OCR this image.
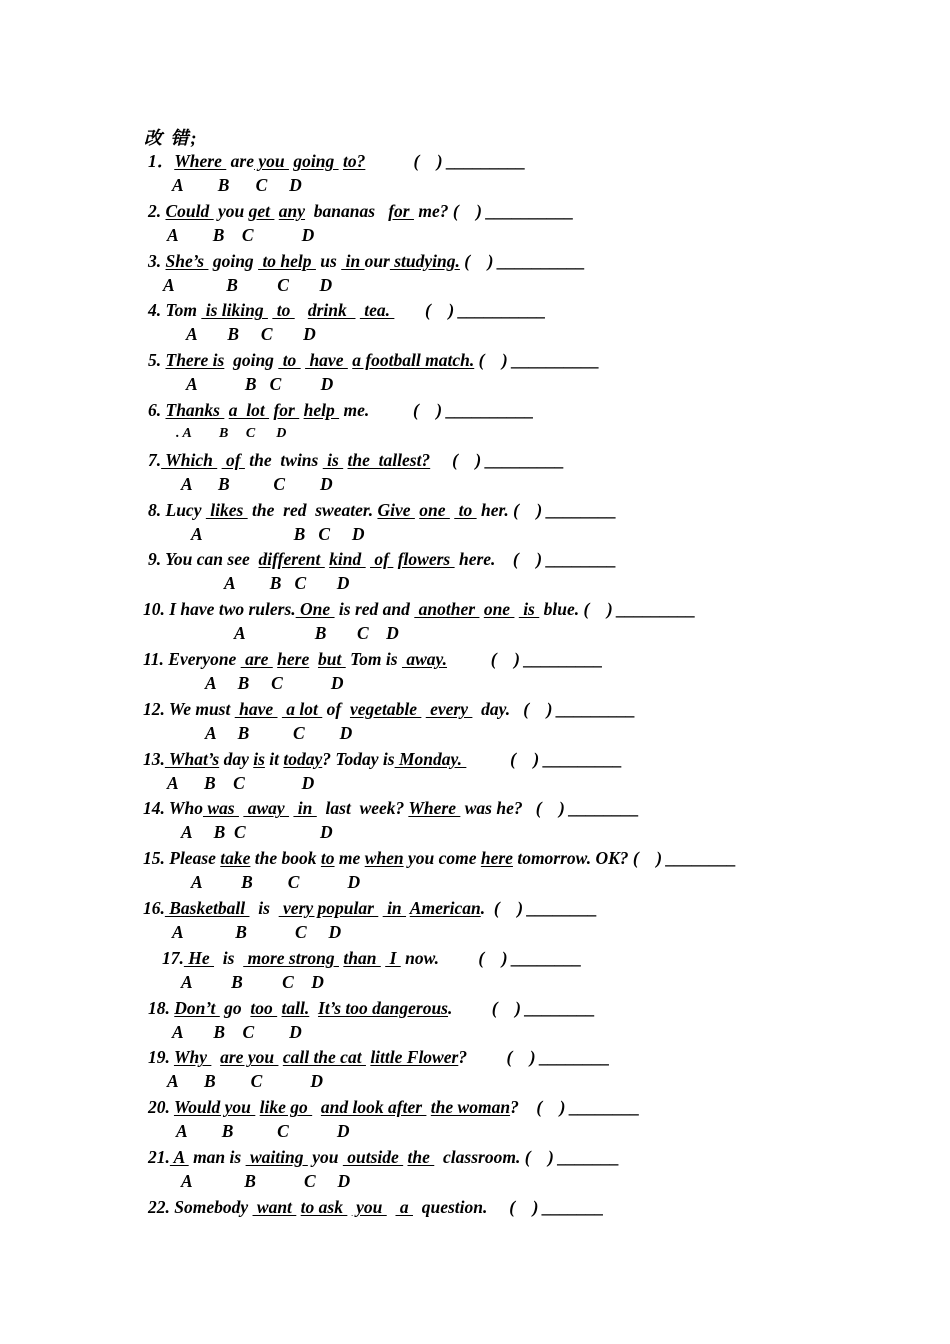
改 错;
1．Where  are you  going  to?           (    ) _________
A        B      C     D
2. Could  you get  any  bananas   for  me? (    ) __________
A        B    C           D
3. She’s  going  to help  us  in our studying. (    ) __________
A            B         C       D
4. Tom  is liking   to    drink    tea.        (    ) __________
A       B     C       D
5. There is  going  to   have  a football match. (    ) __________
A           B   C         D
6. Thanks  a  lot  for  help  me.          (    ) __________
. A        B     C      D
7. Which   of  the  twins  is  the  tallest?     (    ) _________
A      B          C        D
8. Lucy  likes  the  red  sweater. Give  one   to  her. (    ) ________
A                     B   C     D
9. You can see  different  kind   of  flowers  here.    (    ) ________
A        B   C       D
10. I have two rulers. One  is red and  another  one   is  blue. (    ) _________
A                B       C    D
11. Everyone  are  here but  Tom is  away.          (    ) _________
A     B     C           D
12. We must  have   a lot  of  vegetable   every   day.   (    ) _________
A     B          C        D
13. What’s day is it today? Today is Monday.           (    ) _________
A      B    C             D
14. Who was   away   in   last  week? Where  was he?   (    ) ________
A     B  C                 D
15. Please take the book to me when you come here tomorrow. OK? (    ) ________
A         B        C           D
16. Basketball   is   very popular   in  American.  (    ) ________
A            B           C     D
17. He   is   more strong  than   I  now.         (    ) ________
A         B         C    D
18. Don’t  go  too  tall. It’s too dangerous.         (    ) ________
A       B    C        D
19. Why   are you  call the cat  little Flower?         (    ) ________
A      B        C           D
20. Would you  like go   and look after  the woman?    (    ) ________
A        B          C           D
21. A  man is  waiting  you  outside  the   classroom. (    ) _______
A            B           C     D
22. Somebody  want  to ask   you    a   question.     (    ) _______
